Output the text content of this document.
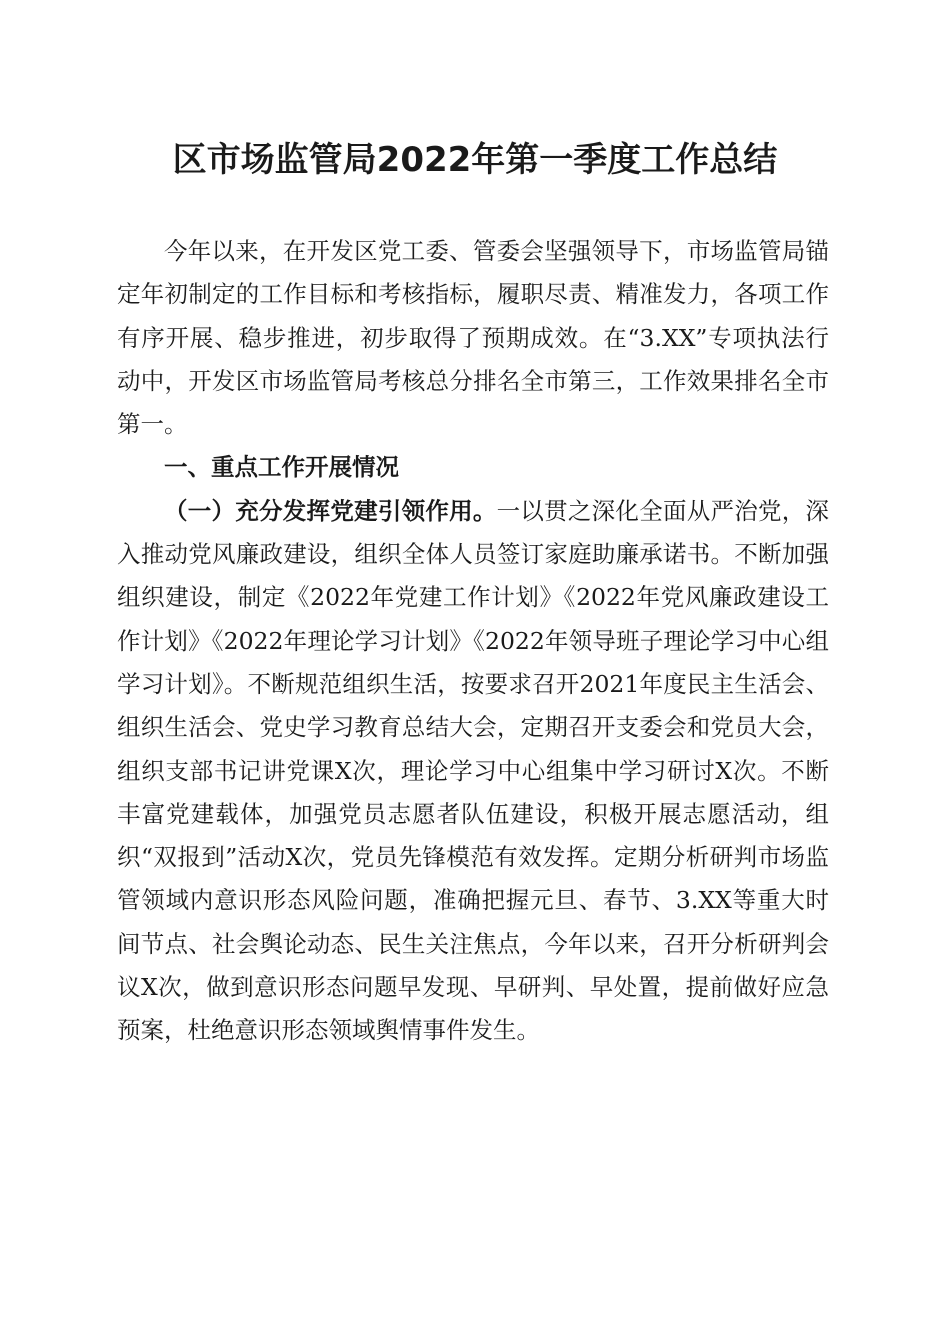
区市场监管局2022年第一季度工作总结

今年以来，在开发区党工委、管委会坚强领导下，市场监管局锚定年初制定的工作目标和考核指标，履职尽责、精准发力，各项工作有序开展、稳步推进，初步取得了预期成效。在“3.XX”专项执法行动中，开发区市场监管局考核总分排名全市第三，工作效果排名全市第一。

一、重点工作开展情况

（一）充分发挥党建引领作用。一以贯之深化全面从严治党，深入推动党风廉政建设，组织全体人员签订家庭助廉承诺书。不断加强组织建设，制定《2022年党建工作计划》《2022年党风廉政建设工作计划》《2022年理论学习计划》《2022年领导班子理论学习中心组学习计划》。不断规范组织生活，按要求召开2021年度民主生活会、组织生活会、党史学习教育总结大会，定期召开支委会和党员大会，组织支部书记讲党课X次，理论学习中心组集中学习研讨X次。不断丰富党建载体，加强党员志愿者队伍建设，积极开展志愿活动，组织“双报到”活动X次，党员先锋模范有效发挥。定期分析研判市场监管领域内意识形态风险问题，准确把握元旦、春节、3.XX等重大时间节点、社会舆论动态、民生关注焦点，今年以来，召开分析研判会议X次，做到意识形态问题早发现、早研判、早处置，提前做好应急预案，杜绝意识形态领域舆情事件发生。
